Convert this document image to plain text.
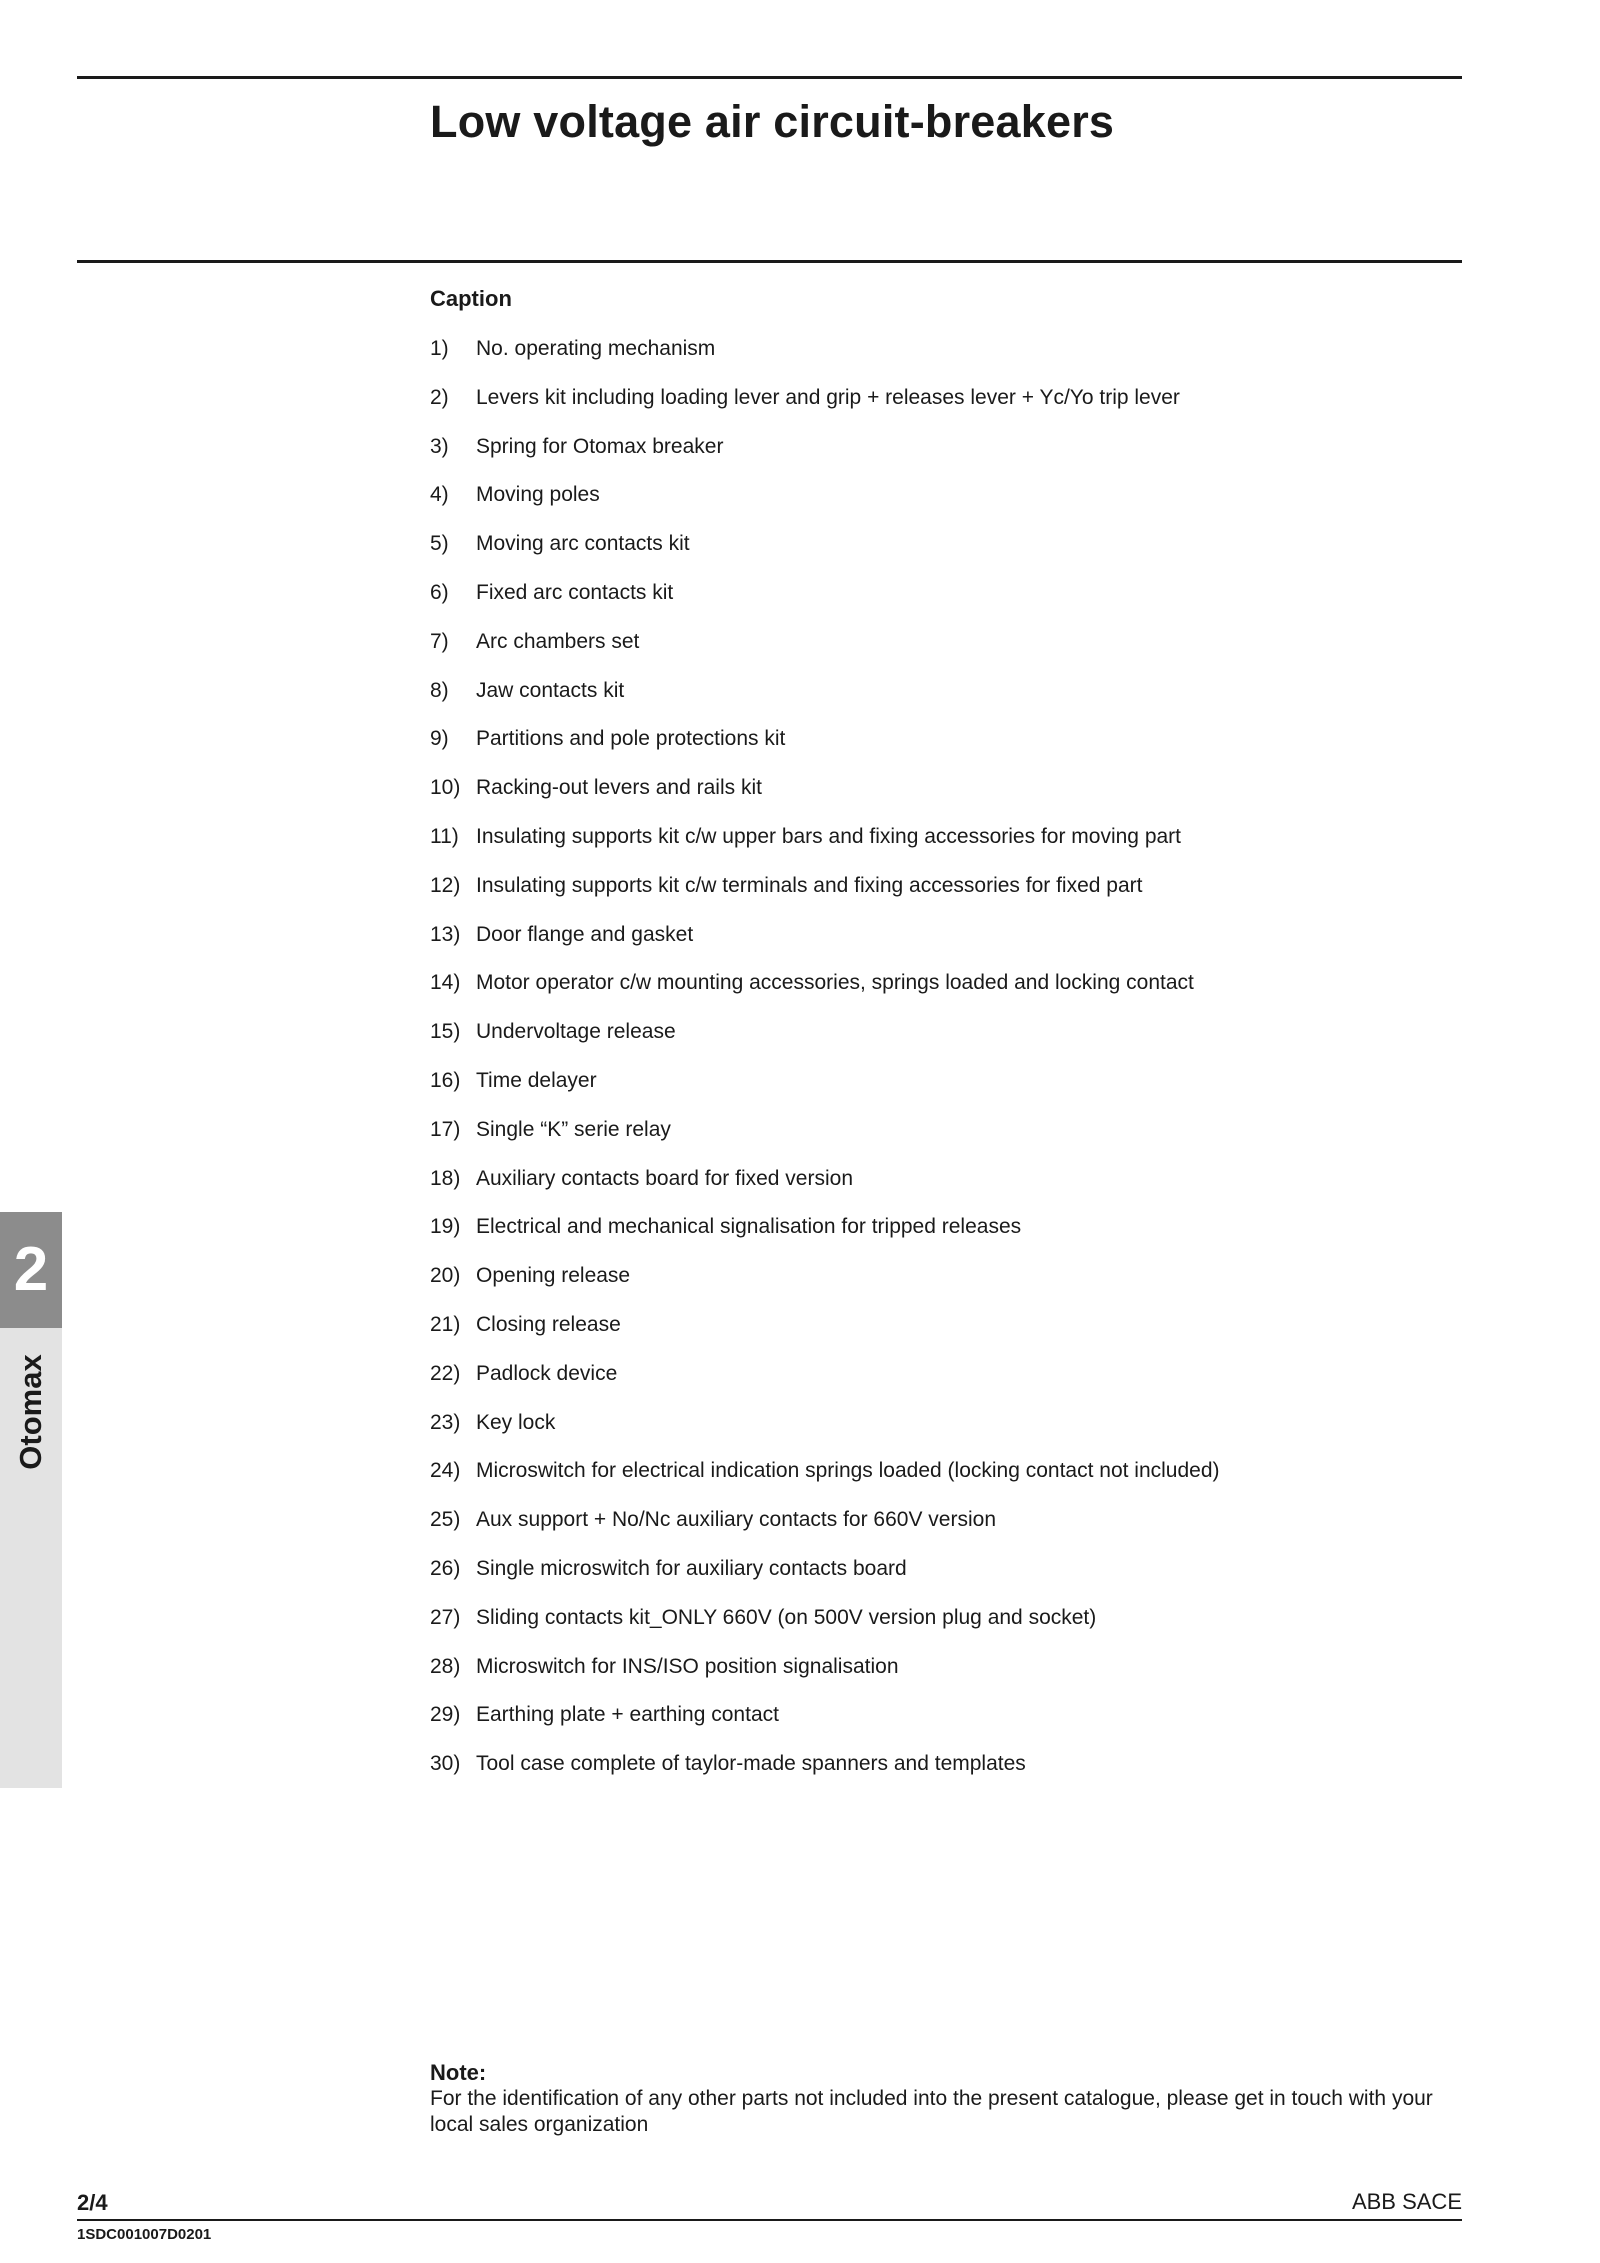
Low voltage air circuit-breakers
Caption
1) No. operating mechanism
2) Levers kit including loading lever and grip + releases lever + Yc/Yo trip lever
3) Spring for Otomax breaker
4) Moving poles
5) Moving arc contacts kit
6) Fixed arc contacts kit
7) Arc chambers set
8) Jaw contacts kit
9) Partitions and pole protections kit
10) Racking-out levers and rails kit
11) Insulating supports kit c/w upper bars and fixing accessories for moving part
12) Insulating supports kit c/w terminals and fixing accessories for fixed part
13) Door flange and gasket
14) Motor operator c/w mounting accessories, springs loaded and locking contact
15) Undervoltage release
16) Time delayer
17) Single “K” serie relay
18) Auxiliary contacts board for fixed version
19) Electrical and mechanical signalisation for tripped releases
20) Opening release
21) Closing release
22) Padlock device
23) Key lock
24) Microswitch for electrical indication springs loaded (locking contact not included)
25) Aux support + No/Nc auxiliary contacts for 660V version
26) Single microswitch for auxiliary contacts board
27) Sliding contacts kit_ONLY 660V (on 500V version plug and socket)
28) Microswitch for INS/ISO position signalisation
29) Earthing plate + earthing contact
30) Tool case complete of taylor-made spanners and templates
2
Otomax
Note:
For the identification of any other parts not included into the present catalogue, please get in touch with your local sales organization
2/4	ABB SACE
1SDC001007D0201
